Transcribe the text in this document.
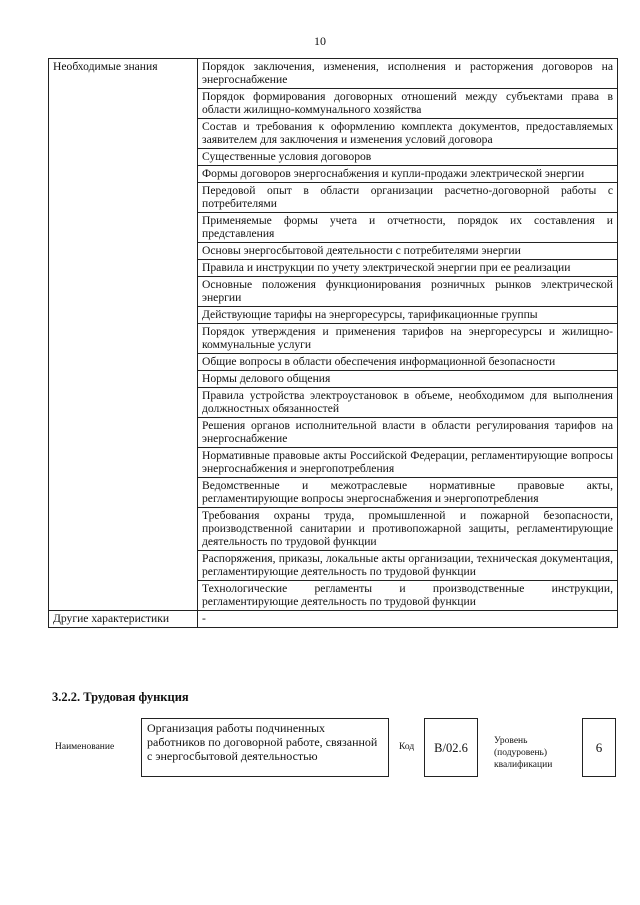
10
Необходимые знания	Порядок заключения, изменения, исполнения и расторжения договоров на энергоснабжение
	Порядок формирования договорных отношений между субъектами права в области жилищно-коммунального хозяйства
	Состав и требования к оформлению комплекта документов, предоставляемых заявителем для заключения и изменения условий договора
	Существенные условия договоров
	Формы договоров энергоснабжения и купли-продажи электрической энергии
	Передовой опыт в области организации расчетно-договорной работы с потребителями
	Применяемые формы учета и отчетности, порядок их составления и представления
	Основы энергосбытовой деятельности с потребителями энергии
	Правила и инструкции по учету электрической энергии при ее реализации
	Основные положения функционирования розничных рынков электрической энергии
	Действующие тарифы на энергоресурсы, тарификационные группы
	Порядок утверждения и применения тарифов на энергоресурсы и жилищно-коммунальные услуги
	Общие вопросы в области обеспечения информационной безопасности
	Нормы делового общения
	Правила устройства электроустановок в объеме, необходимом для выполнения должностных обязанностей
	Решения органов исполнительной власти в области регулирования тарифов на энергоснабжение
	Нормативные правовые акты Российской Федерации, регламентирующие вопросы энергоснабжения и энергопотребления
	Ведомственные и межотраслевые нормативные правовые акты, регламентирующие вопросы энергоснабжения и энергопотребления
	Требования охраны труда, промышленной и пожарной безопасности, производственной санитарии и противопожарной защиты, регламентирующие деятельность по трудовой функции
	Распоряжения, приказы, локальные акты организации, техническая документация, регламентирующие деятельность по трудовой функции
	Технологические регламенты и производственные инструкции, регламентирующие деятельность по трудовой функции
Другие характеристики	-
3.2.2. Трудовая функция
Наименование
Организация работы подчиненных работников по договорной работе, связанной с энергосбытовой деятельностью
Код	B/02.6	Уровень (подуровень) квалификации
6
